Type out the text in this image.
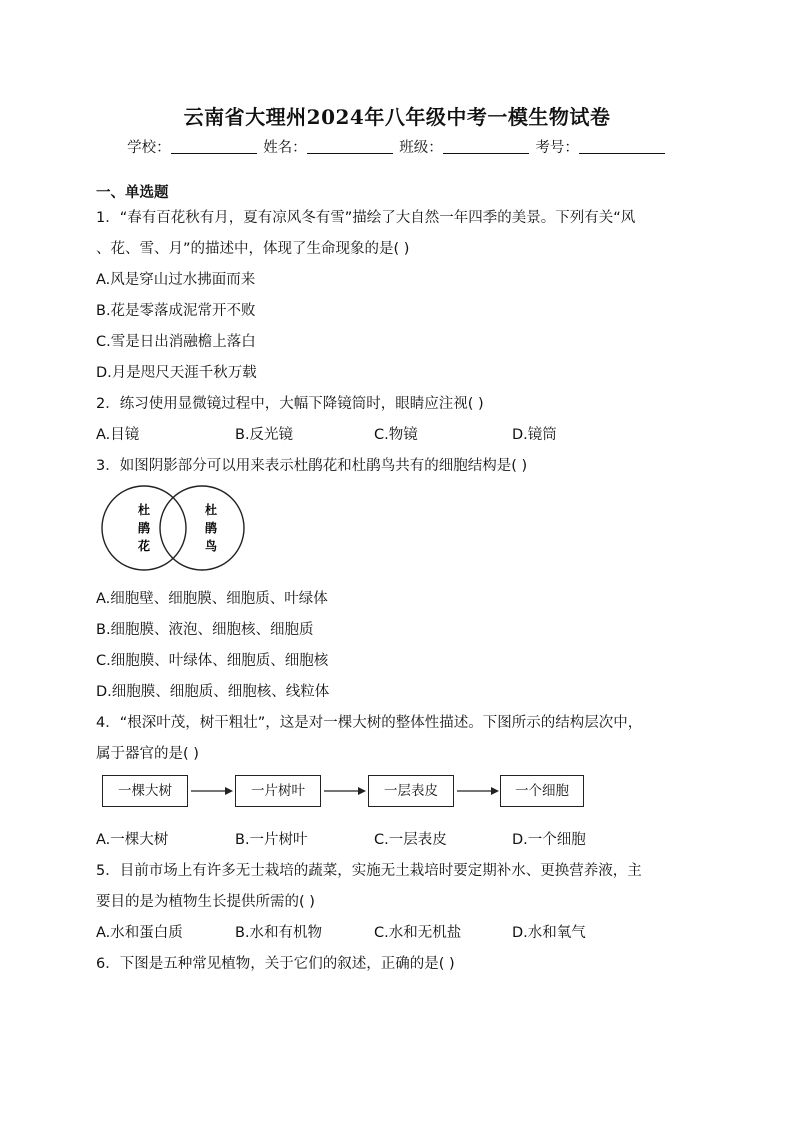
云南省大理州2024年八年级中考一模生物试卷
学校：	姓名：	班级：	考号：
一、单选题
1．“春有百花秋有月，夏有凉风冬有雪”描绘了大自然一年四季的美景。下列有关“风
、花、雪、月”的描述中，体现了生命现象的是( )
A.风是穿山过水拂面而来
B.花是零落成泥常开不败
C.雪是日出消融檐上落白
D.月是咫尺天涯千秋万载
2．练习使用显微镜过程中，大幅下降镜筒时，眼睛应注视( )
A.目镜	B.反光镜	C.物镜	D.镜筒
3．如图阴影部分可以用来表示杜鹃花和杜鹃鸟共有的细胞结构是( )
杜
鹃
花
杜
鹃
鸟
A.细胞壁、细胞膜、细胞质、叶绿体
B.细胞膜、液泡、细胞核、细胞质
C.细胞膜、叶绿体、细胞质、细胞核
D.细胞膜、细胞质、细胞核、线粒体
4．“根深叶茂，树干粗壮”，这是对一棵大树的整体性描述。下图所示的结构层次中，
属于器官的是( )
一棵大树	一片树叶	一层表皮	一个细胞
A.一棵大树	B.一片树叶	C.一层表皮	D.一个细胞
5．目前市场上有许多无士栽培的蔬菜，实施无土栽培时要定期补水、更换营养液，主
要目的是为植物生长提供所需的( )
A.水和蛋白质	B.水和有机物	C.水和无机盐	D.水和氧气
6．下图是五种常见植物，关于它们的叙述，正确的是( )
